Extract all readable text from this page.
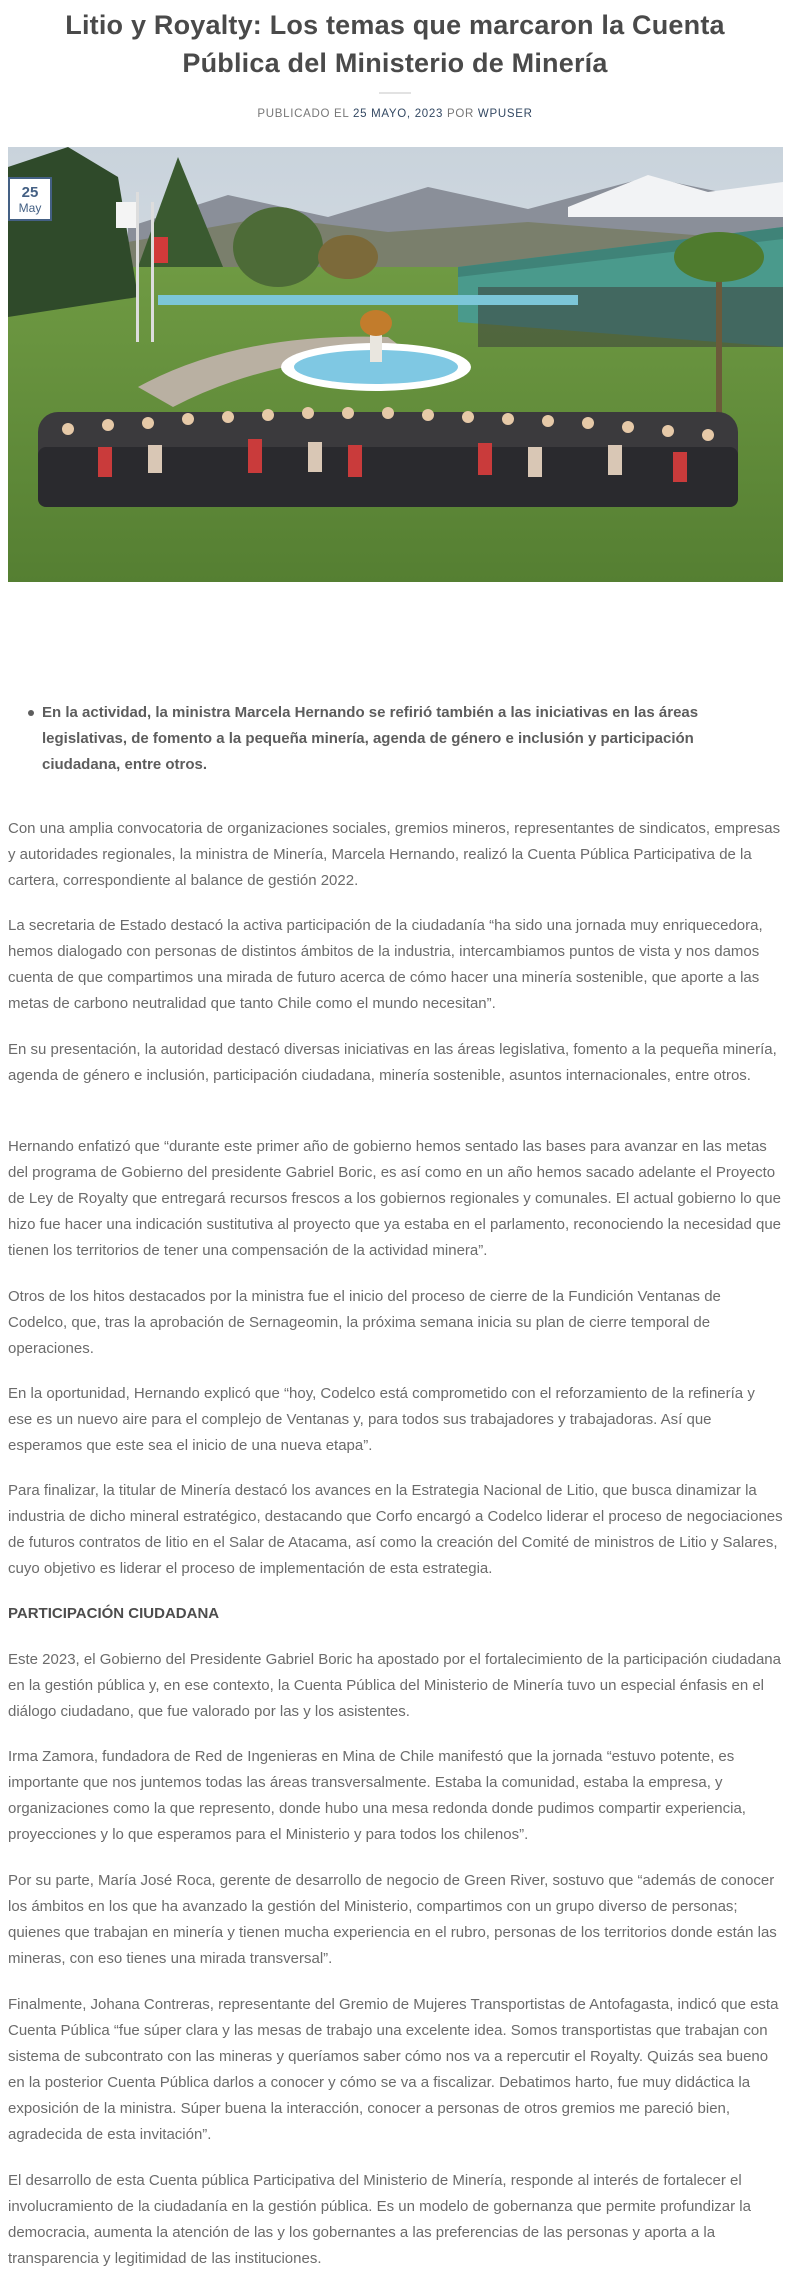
Litio y Royalty: Los temas que marcaron la Cuenta Pública del Ministerio de Minería
PUBLICADO EL 25 MAYO, 2023 POR WPUSER
25
May
En la actividad, la ministra Marcela Hernando se refirió también a las iniciativas en las áreas legislativas, de fomento a la pequeña minería, agenda de género e inclusión y participación ciudadana, entre otros.

Con una amplia convocatoria de organizaciones sociales, gremios mineros, representantes de sindicatos, empresas y autoridades regionales, la ministra de Minería, Marcela Hernando, realizó la Cuenta Pública Participativa de la cartera, correspondiente al balance de gestión 2022.

La secretaria de Estado destacó la activa participación de la ciudadanía “ha sido una jornada muy enriquecedora, hemos dialogado con personas de distintos ámbitos de la industria, intercambiamos puntos de vista y nos damos cuenta de que compartimos una mirada de futuro acerca de cómo hacer una minería sostenible, que aporte a las metas de carbono neutralidad que tanto Chile como el mundo necesitan”.

En su presentación, la autoridad destacó diversas iniciativas en las áreas legislativa, fomento a la pequeña minería, agenda de género e inclusión, participación ciudadana, minería sostenible, asuntos internacionales, entre otros.

Hernando enfatizó que “durante este primer año de gobierno hemos sentado las bases para avanzar en las metas del programa de Gobierno del presidente Gabriel Boric, es así como en un año hemos sacado adelante el Proyecto de Ley de Royalty que entregará recursos frescos a los gobiernos regionales y comunales. El actual gobierno lo que hizo fue hacer una indicación sustitutiva al proyecto que ya estaba en el parlamento, reconociendo la necesidad que tienen los territorios de tener una compensación de la actividad minera”.

Otros de los hitos destacados por la ministra fue el inicio del proceso de cierre de la Fundición Ventanas de Codelco, que, tras la aprobación de Sernageomin, la próxima semana inicia su plan de cierre temporal de operaciones.

En la oportunidad, Hernando explicó que “hoy, Codelco está comprometido con el reforzamiento de la refinería y ese es un nuevo aire para el complejo de Ventanas y, para todos sus trabajadores y trabajadoras. Así que esperamos que este sea el inicio de una nueva etapa”.

Para finalizar, la titular de Minería destacó los avances en la Estrategia Nacional de Litio, que busca dinamizar la industria de dicho mineral estratégico, destacando que Corfo encargó a Codelco liderar el proceso de negociaciones de futuros contratos de litio en el Salar de Atacama, así como la creación del Comité de ministros de Litio y Salares, cuyo objetivo es liderar el proceso de implementación de esta estrategia.

PARTICIPACIÓN CIUDADANA

Este 2023, el Gobierno del Presidente Gabriel Boric ha apostado por el fortalecimiento de la participación ciudadana en la gestión pública y, en ese contexto, la Cuenta Pública del Ministerio de Minería tuvo un especial énfasis en el diálogo ciudadano, que fue valorado por las y los asistentes.

Irma Zamora, fundadora de Red de Ingenieras en Mina de Chile manifestó que la jornada “estuvo potente, es importante que nos juntemos todas las áreas transversalmente. Estaba la comunidad, estaba la empresa, y organizaciones como la que represento, donde hubo una mesa redonda donde pudimos compartir experiencia, proyecciones y lo que esperamos para el Ministerio y para todos los chilenos”.

Por su parte, María José Roca, gerente de desarrollo de negocio de Green River, sostuvo que “además de conocer los ámbitos en los que ha avanzado la gestión del Ministerio, compartimos con un grupo diverso de personas; quienes que trabajan en minería y tienen mucha experiencia en el rubro, personas de los territorios donde están las mineras, con eso tienes una mirada transversal”.

Finalmente, Johana Contreras, representante del Gremio de Mujeres Transportistas de Antofagasta, indicó que esta Cuenta Pública “fue súper clara y las mesas de trabajo una excelente idea. Somos transportistas que trabajan con sistema de subcontrato con las mineras y queríamos saber cómo nos va a repercutir el Royalty. Quizás sea bueno en la posterior Cuenta Pública darlos a conocer y cómo se va a fiscalizar. Debatimos harto, fue muy didáctica la exposición de la ministra. Súper buena la interacción, conocer a personas de otros gremios me pareció bien, agradecida de esta invitación”.

El desarrollo de esta Cuenta pública Participativa del Ministerio de Minería, responde al interés de fortalecer el involucramiento de la ciudadanía en la gestión pública. Es un modelo de gobernanza que permite profundizar la democracia, aumenta la atención de las y los gobernantes a las preferencias de las personas y aporta a la transparencia y legitimidad de las instituciones.
